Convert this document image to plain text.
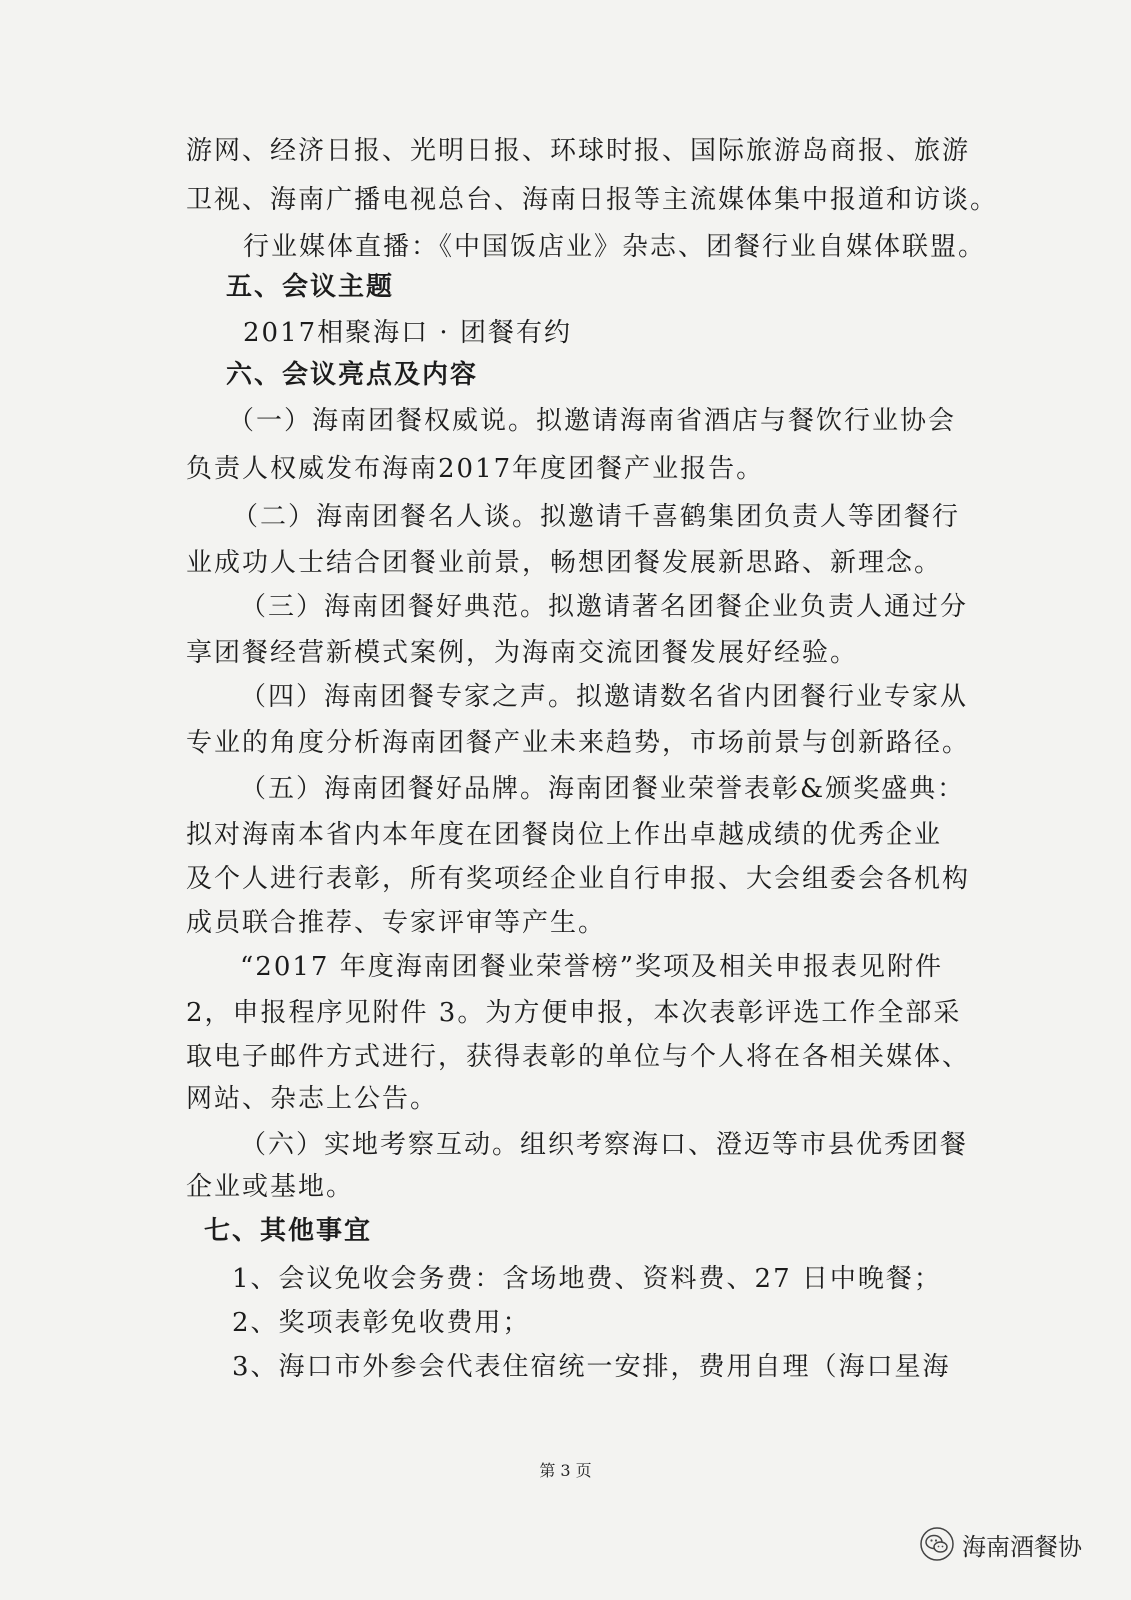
游网、经济日报、光明日报、环球时报、国际旅游岛商报、旅游
卫视、海南广播电视总台、海南日报等主流媒体集中报道和访谈。
行业媒体直播：《中国饭店业》杂志、团餐行业自媒体联盟。
五、会议主题
2017相聚海口 · 团餐有约
六、会议亮点及内容
（一）海南团餐权威说。拟邀请海南省酒店与餐饮行业协会
负责人权威发布海南2017年度团餐产业报告。
（二）海南团餐名人谈。拟邀请千喜鹤集团负责人等团餐行
业成功人士结合团餐业前景，畅想团餐发展新思路、新理念。
（三）海南团餐好典范。拟邀请著名团餐企业负责人通过分
享团餐经营新模式案例，为海南交流团餐发展好经验。
（四）海南团餐专家之声。拟邀请数名省内团餐行业专家从
专业的角度分析海南团餐产业未来趋势，市场前景与创新路径。
（五）海南团餐好品牌。海南团餐业荣誉表彰&颁奖盛典：
拟对海南本省内本年度在团餐岗位上作出卓越成绩的优秀企业
及个人进行表彰，所有奖项经企业自行申报、大会组委会各机构
成员联合推荐、专家评审等产生。
“2017 年度海南团餐业荣誉榜”奖项及相关申报表见附件
2，申报程序见附件 3。为方便申报，本次表彰评选工作全部采
取电子邮件方式进行，获得表彰的单位与个人将在各相关媒体、
网站、杂志上公告。
（六）实地考察互动。组织考察海口、澄迈等市县优秀团餐
企业或基地。
七、其他事宜
1、会议免收会务费：含场地费、资料费、27 日中晚餐；
2、奖项表彰免收费用；
3、海口市外参会代表住宿统一安排，费用自理（海口星海
第 3 页
海南酒餐协
